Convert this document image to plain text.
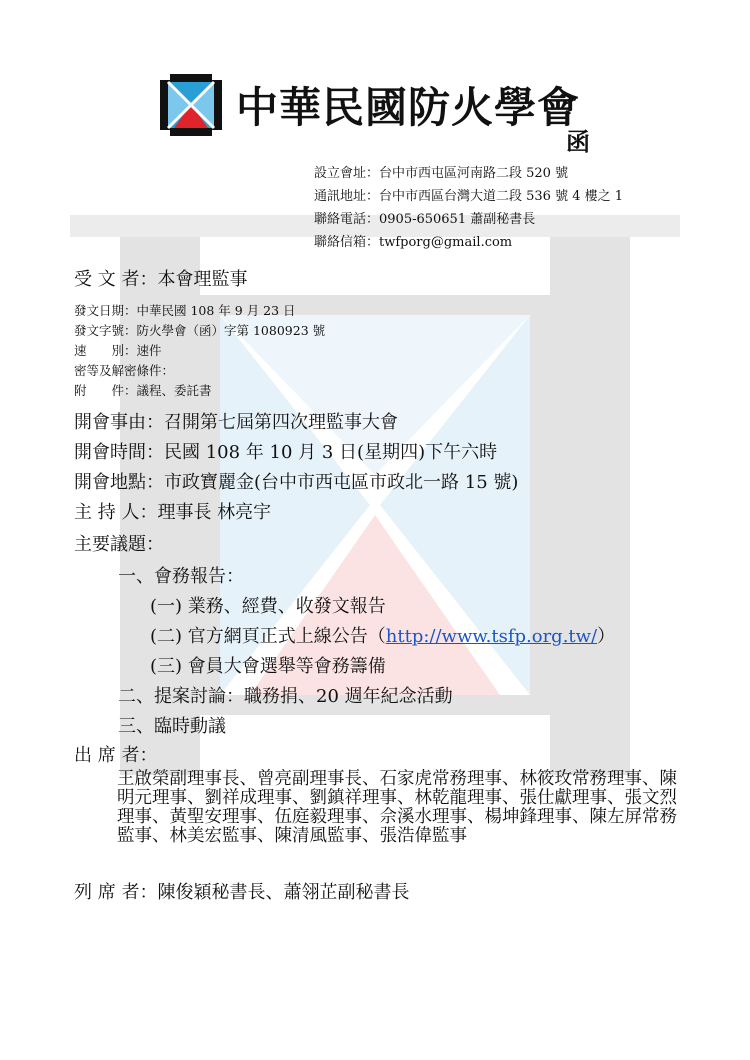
中華民國防火學會
函
設立會址：台中市西屯區河南路二段 520 號
通訊地址：台中市西區台灣大道二段 536 號 4 樓之 1
聯絡電話：0905-650651 蕭副秘書長
聯絡信箱：twfporg@gmail.com
受 文 者：本會理監事
發文日期：中華民國 108 年 9 月 23 日
發文字號：防火學會（函）字第 1080923 號
速　　別：速件
密等及解密條件：
附　　件：議程、委託書
開會事由：召開第七屆第四次理監事大會
開會時間：民國 108 年 10 月 3 日(星期四)下午六時
開會地點：市政寶麗金(台中市西屯區市政北一路 15 號)
主 持 人：理事長 林亮宇
主要議題：
一、會務報告：
(一) 業務、經費、收發文報告
(二) 官方網頁正式上線公告（http://www.tsfp.org.tw/）
(三) 會員大會選舉等會務籌備
二、提案討論：職務捐、20 週年紀念活動
三、臨時動議
出 席 者：
王啟榮副理事長、曾亮副理事長、石家虎常務理事、林筱玫常務理事、陳明元理事、劉祥成理事、劉鎮祥理事、林乾龍理事、張仕獻理事、張文烈理事、黃聖安理事、伍庭毅理事、佘溪水理事、楊坤鋒理事、陳左屏常務監事、林美宏監事、陳清風監事、張浩偉監事
列 席 者：陳俊穎秘書長、蕭翎芷副秘書長
